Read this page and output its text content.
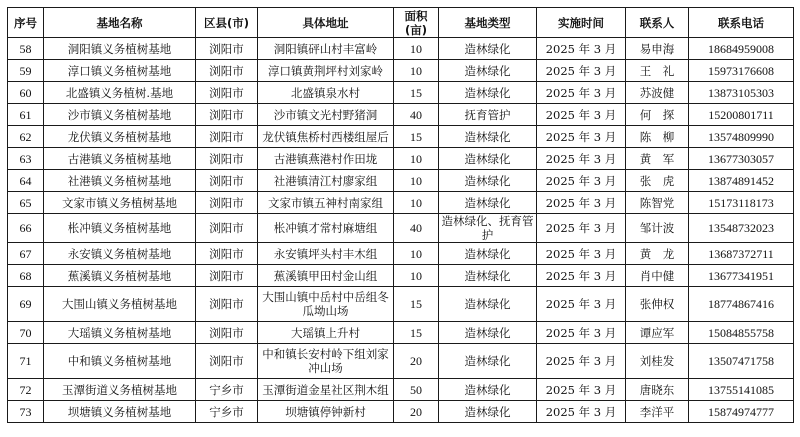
序号	基地名称	区县(市)	具体地址	面积(亩)	基地类型	实施时间	联系人	联系电话
58	洞阳镇义务植树基地	浏阳市	洞阳镇砰山村丰富岭	10	造林绿化	2025 年 3 月	易申海	18684959008
59	淳口镇义务植树基地	浏阳市	淳口镇黄荆坪村刘家岭	10	造林绿化	2025 年 3 月	王　礼	15973176608
60	北盛镇义务植树.基地	浏阳市	北盛镇泉水村	15	造林绿化	2025 年 3 月	苏波健	13873105303
61	沙市镇义务植树基地	浏阳市	沙市镇文光村野猪洞	40	抚育管护	2025 年 3 月	何　探	15200801711
62	龙伏镇义务植树基地	浏阳市	龙伏镇焦桥村西楼组屋后	15	造林绿化	2025 年 3 月	陈　柳	13574809990
63	古港镇义务植树基地	浏阳市	古港镇燕港村作田垅	10	造林绿化	2025 年 3 月	黄　军	13677303057
64	社港镇义务植树基地	浏阳市	社港镇清江村廖家组	10	造林绿化	2025 年 3 月	张　虎	13874891452
65	文家市镇义务植树基地	浏阳市	文家市镇五神村南家组	10	造林绿化	2025 年 3 月	陈智党	15173118173
66	枨冲镇义务植树基地	浏阳市	枨冲镇才常村麻塘组	40	造林绿化、抚育管护	2025 年 3 月	邹计波	13548732023
67	永安镇义务植树基地	浏阳市	永安镇坪头村丰木组	10	造林绿化	2025 年 3 月	黄　龙	13687372711
68	蕉溪镇义务植树基地	浏阳市	蕉溪镇甲田村金山组	10	造林绿化	2025 年 3 月	肖中健	13677341951
69	大围山镇义务植树基地	浏阳市	大围山镇中岳村中岳组冬瓜坳山场	15	造林绿化	2025 年 3 月	张伸权	18774867416
70	大瑶镇义务植树基地	浏阳市	大瑶镇上升村	15	造林绿化	2025 年 3 月	谭应军	15084855758
71	中和镇义务植树基地	浏阳市	中和镇长安村岭下组刘家冲山场	20	造林绿化	2025 年 3 月	刘桂发	13507471758
72	玉潭街道义务植树基地	宁乡市	玉潭街道金星社区荆木组	50	造林绿化	2025 年 3 月	唐晓东	13755141085
73	坝塘镇义务植树基地	宁乡市	坝塘镇停钟新村	20	造林绿化	2025 年 3 月	李洋平	15874974777
